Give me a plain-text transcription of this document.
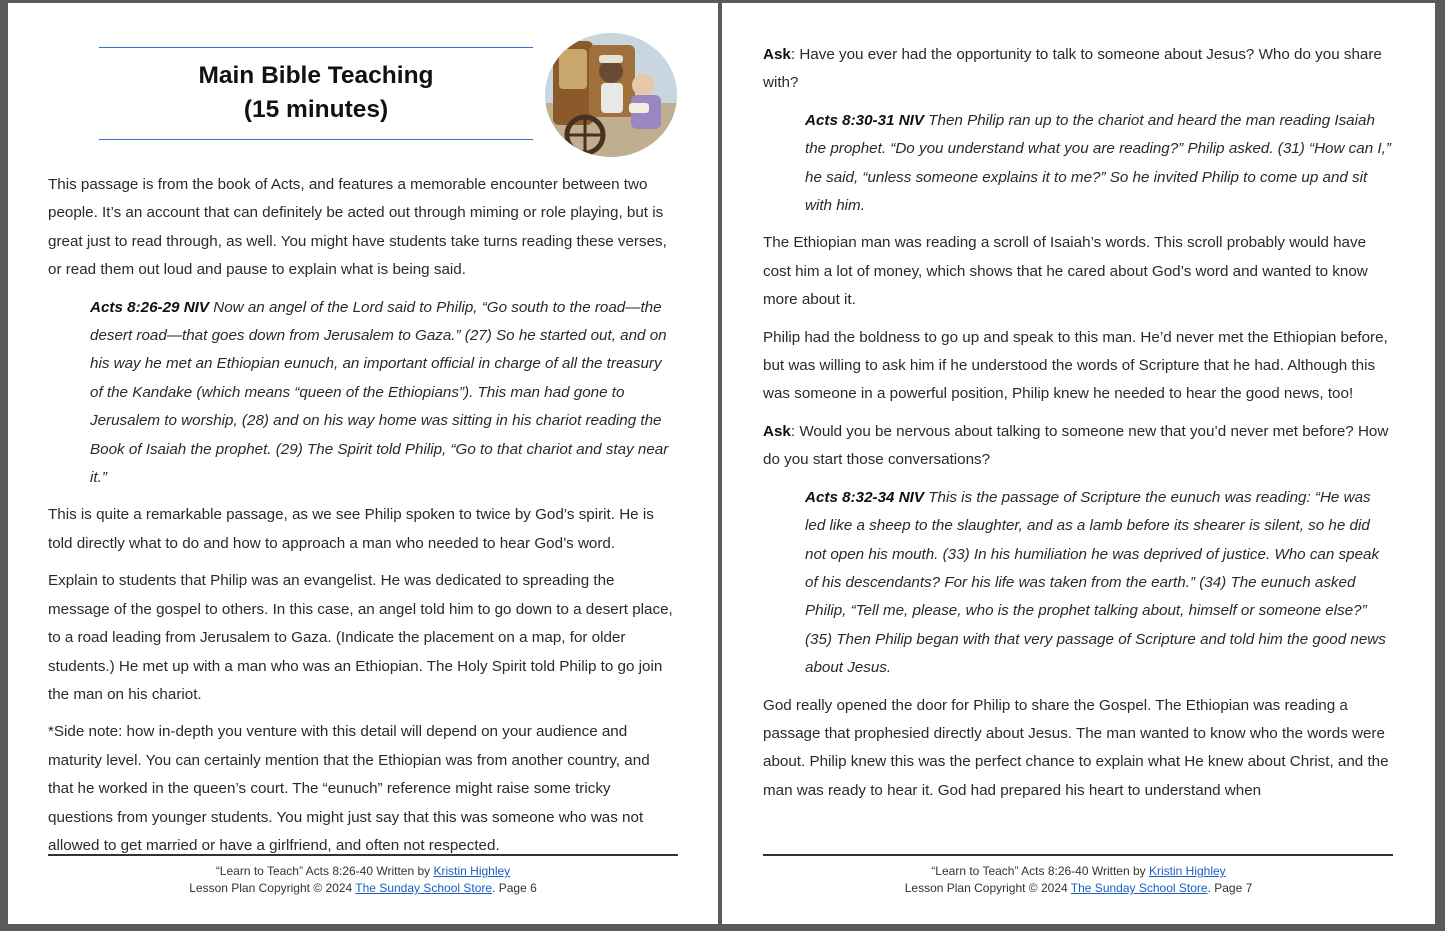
Main Bible Teaching
(15 minutes)

This passage is from the book of Acts, and features a memorable encounter between two people. It’s an account that can definitely be acted out through miming or role playing, but is great just to read through, as well. You might have students take turns reading these verses, or read them out loud and pause to explain what is being said.

Acts 8:26-29 NIV Now an angel of the Lord said to Philip, “Go south to the road—the desert road—that goes down from Jerusalem to Gaza.” (27) So he started out, and on his way he met an Ethiopian eunuch, an important official in charge of all the treasury of the Kandake (which means “queen of the Ethiopians”). This man had gone to Jerusalem to worship, (28) and on his way home was sitting in his chariot reading the Book of Isaiah the prophet. (29) The Spirit told Philip, “Go to that chariot and stay near it.”

This is quite a remarkable passage, as we see Philip spoken to twice by God’s spirit. He is told directly what to do and how to approach a man who needed to hear God’s word.

Explain to students that Philip was an evangelist. He was dedicated to spreading the message of the gospel to others. In this case, an angel told him to go down to a desert place, to a road leading from Jerusalem to Gaza. (Indicate the placement on a map, for older students.) He met up with a man who was an Ethiopian. The Holy Spirit told Philip to go join the man on his chariot.

*Side note: how in-depth you venture with this detail will depend on your audience and maturity level. You can certainly mention that the Ethiopian was from another country, and that he worked in the queen’s court. The “eunuch” reference might raise some tricky questions from younger students. You might just say that this was someone who was not allowed to get married or have a girlfriend, and often not respected.

“Learn to Teach” Acts 8:26-40 Written by Kristin Highley
Lesson Plan Copyright © 2024 The Sunday School Store. Page 6

Ask: Have you ever had the opportunity to talk to someone about Jesus? Who do you share with?

Acts 8:30-31 NIV Then Philip ran up to the chariot and heard the man reading Isaiah the prophet. “Do you understand what you are reading?” Philip asked. (31) “How can I,” he said, “unless someone explains it to me?” So he invited Philip to come up and sit with him.

The Ethiopian man was reading a scroll of Isaiah’s words. This scroll probably would have cost him a lot of money, which shows that he cared about God’s word and wanted to know more about it.

Philip had the boldness to go up and speak to this man. He’d never met the Ethiopian before, but was willing to ask him if he understood the words of Scripture that he had. Although this was someone in a powerful position, Philip knew he needed to hear the good news, too!

Ask: Would you be nervous about talking to someone new that you’d never met before? How do you start those conversations?

Acts 8:32-34 NIV This is the passage of Scripture the eunuch was reading: “He was led like a sheep to the slaughter, and as a lamb before its shearer is silent, so he did not open his mouth. (33) In his humiliation he was deprived of justice. Who can speak of his descendants? For his life was taken from the earth.” (34) The eunuch asked Philip, “Tell me, please, who is the prophet talking about, himself or someone else?” (35) Then Philip began with that very passage of Scripture and told him the good news about Jesus.

God really opened the door for Philip to share the Gospel. The Ethiopian was reading a passage that prophesied directly about Jesus. The man wanted to know who the words were about. Philip knew this was the perfect chance to explain what He knew about Christ, and the man was ready to hear it. God had prepared his heart to understand when

“Learn to Teach” Acts 8:26-40 Written by Kristin Highley
Lesson Plan Copyright © 2024 The Sunday School Store. Page 7
